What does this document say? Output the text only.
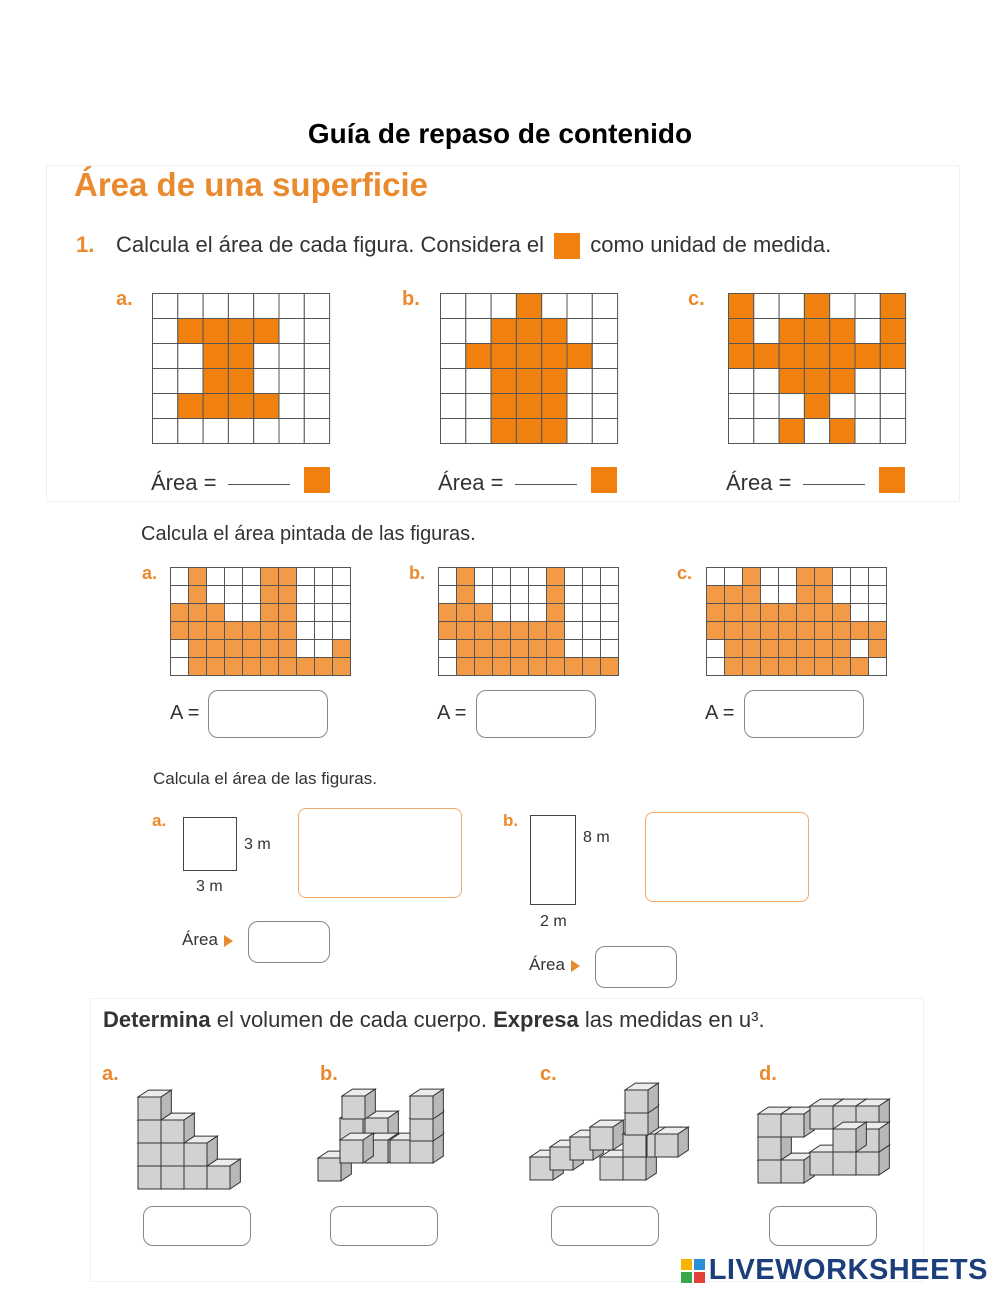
Guía de repaso de contenido
Área de una superficie
1. Calcula el área de cada figura. Considera el como unidad de medida.
a.	b.	c.
Área =	Área =	Área =
Calcula el área pintada de las figuras.
a.	b.	c.
A =	A =	A =
Calcula el área de las figuras.
a.
3 m
3 m
Área
b.
8 m
2 m
Área
Determina el volumen de cada cuerpo. Expresa las medidas en u³.
a.	b.	c.	d.
LIVEWORKSHEETS
